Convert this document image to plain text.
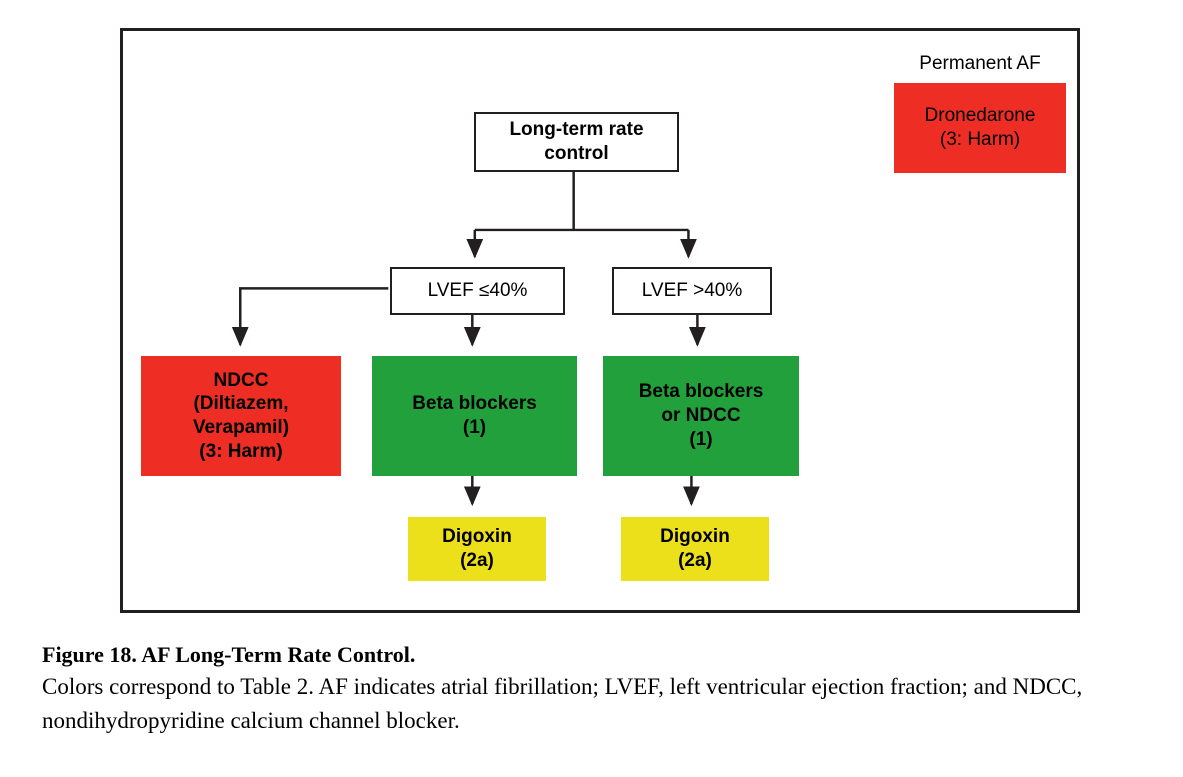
Permanent AF
Dronedarone
(3: Harm)
Long-term rate
control
LVEF ≤40%	LVEF >40%
NDCC
(Diltiazem,
Verapamil)
(3: Harm)
Beta blockers
(1)
Beta blockers
or NDCC
(1)
Digoxin
(2a)
Digoxin
(2a)
Figure 18. AF Long-Term Rate Control.
Colors correspond to Table 2. AF indicates atrial fibrillation; LVEF, left ventricular ejection fraction; and NDCC, nondihydropyridine calcium channel blocker.
